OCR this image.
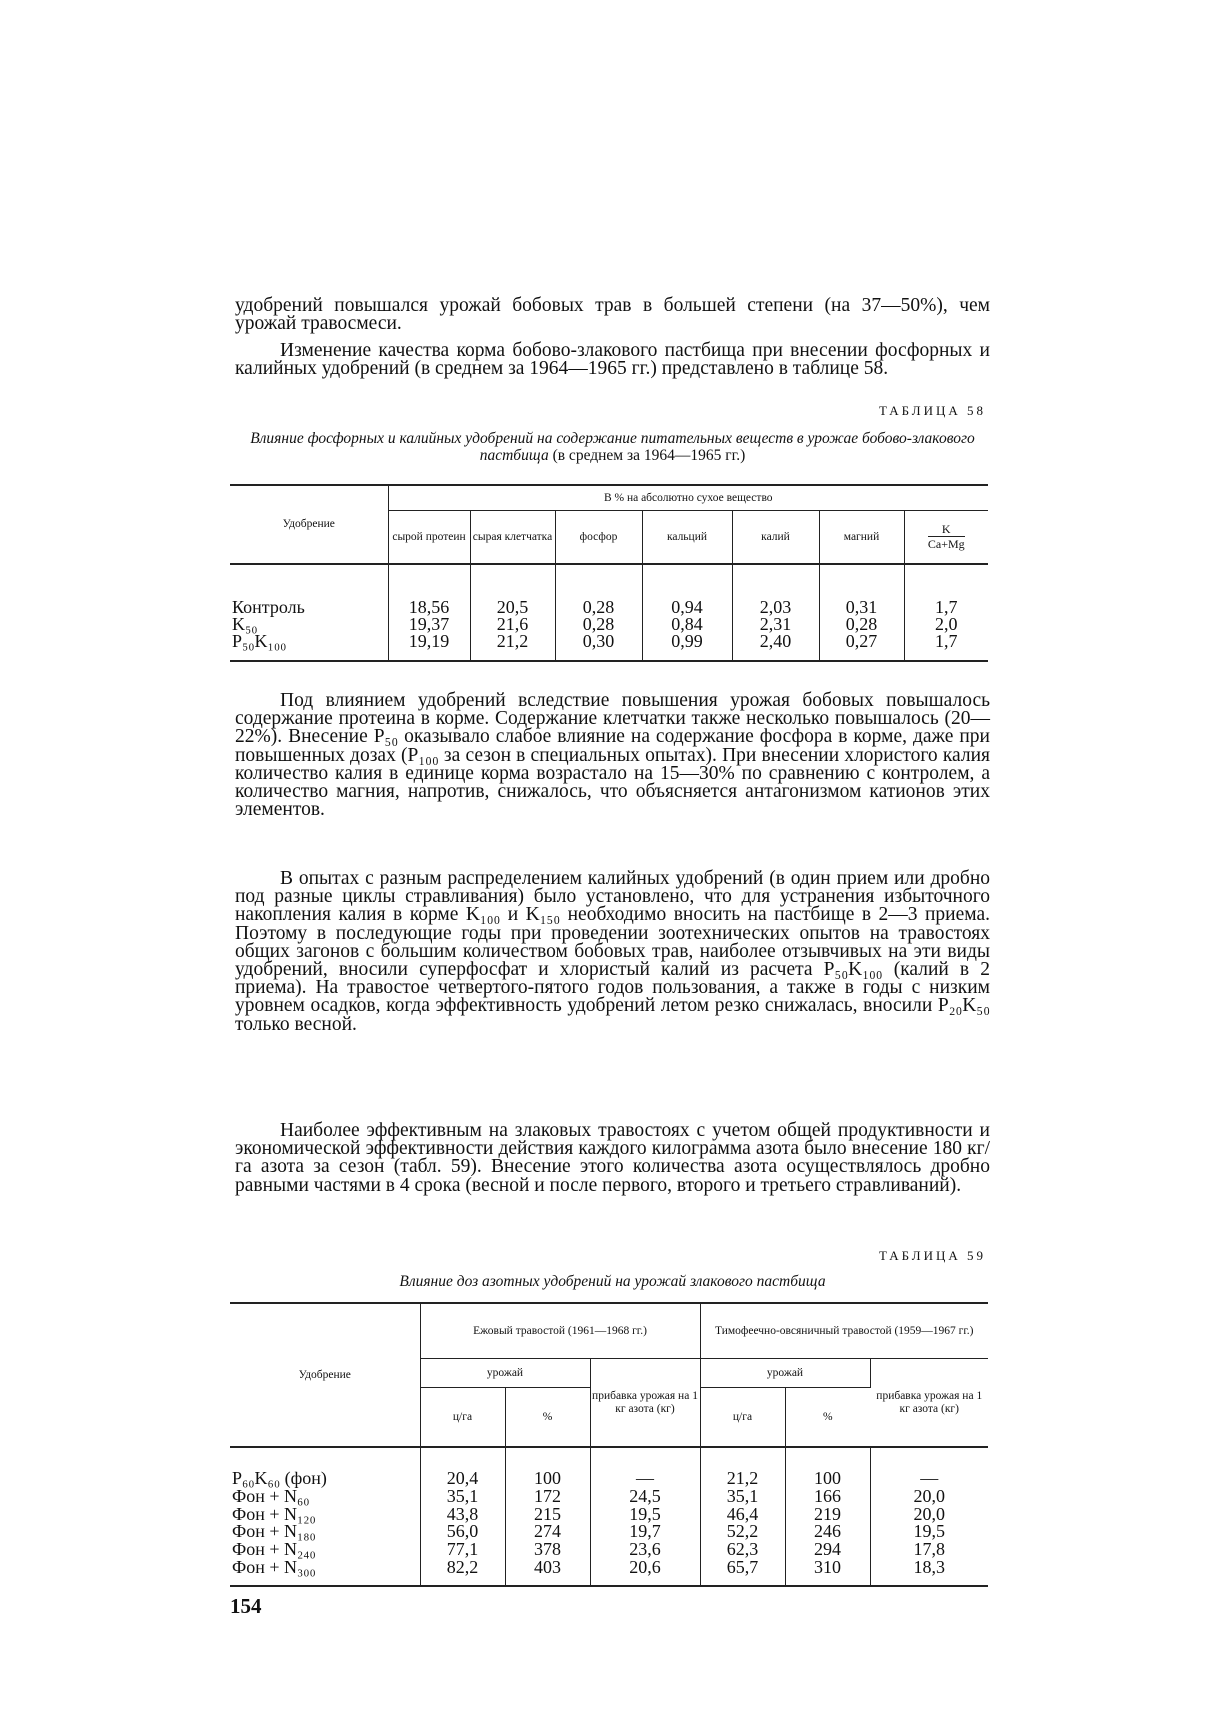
удобрений повышался урожай бобовых трав в большей степени (на 37—50%), чем урожай травосмеси.

Изменение качества корма бобово-злакового пастбища при внесении фосфорных и калийных удобрений (в среднем за 1964—1965 гг.) представлено в таблице 58.

ТАБЛИЦА 58
Влияние фосфорных и калийных удобрений на содержание питательных веществ в урожае бобово-злакового пастбища (в среднем за 1964—1965 гг.)
Удобрение	В % на абсолютно сухое вещество						
	сырой протеин	сырая клетчатка	фосфор	кальций	калий	магний	$\frac{K}{Ca+Mg}$

Контроль	18,56	20,5	0,28	0,94	2,03	0,31	1,7
K₅₀	19,37	21,6	0,28	0,84	2,31	0,28	2,0
P₅₀K₁₀₀	19,19	21,2	0,30	0,99	2,40	0,27	1,7

Под влиянием удобрений вследствие повышения урожая бобовых повышалось содержание протеина в корме. Содержание клетчатки также несколько повышалось (20—22%). Внесение P₅₀ оказывало слабое влияние на содержание фосфора в корме, даже при повышенных дозах (P₁₀₀ за сезон в специальных опытах). При внесении хлористого калия количество калия в единице корма возрастало на 15—30% по сравнению с контролем, а количество магния, напротив, снижалось, что объясняется антагонизмом катионов этих элементов.

В опытах с разным распределением калийных удобрений (в один прием или дробно под разные циклы стравливания) было установлено, что для устранения избыточного накопления калия в корме K₁₀₀ и K₁₅₀ необходимо вносить на пастбище в 2—3 приема. Поэтому в последующие годы при проведении зоотехнических опытов на травостоях общих загонов с большим количеством бобовых трав, наиболее отзывчивых на эти виды удобрений, вносили суперфосфат и хлористый калий из расчета P₅₀K₁₀₀ (калий в 2 приема). На травостое четвертого-пятого годов пользования, а также в годы с низким уровнем осадков, когда эффективность удобрений летом резко снижалась, вносили P₂₀K₅₀ только весной.

Наиболее эффективным на злаковых травостоях с учетом общей продуктивности и экономической эффективности действия каждого килограмма азота было внесение 180 кг/га азота за сезон (табл. 59). Внесение этого количества азота осуществлялось дробно равными частями в 4 срока (весной и после первого, второго и третьего стравливаний).

ТАБЛИЦА 59
Влияние доз азотных удобрений на урожай злакового пастбища
Удобрение	Ежовый травостой (1961—1968 гг.)			Тимофеечно-овсяничный травостой (1959—1967 гг.)		
	урожай		прибавка урожая на 1 кг азота (кг)	урожай		прибавка урожая на 1 кг азота (кг)
	ц/га	%		ц/га	%	
P₆₀K₆₀ (фон)	20,4	100	—	21,2	100	—
Фон + N₆₀	35,1	172	24,5	35,1	166	20,0
Фон + N₁₂₀	43,8	215	19,5	46,4	219	20,0
Фон + N₁₈₀	56,0	274	19,7	52,2	246	19,5
Фон + N₂₄₀	77,1	378	23,6	62,3	294	17,8
Фон + N₃₀₀	82,2	403	20,6	65,7	310	18,3
154
